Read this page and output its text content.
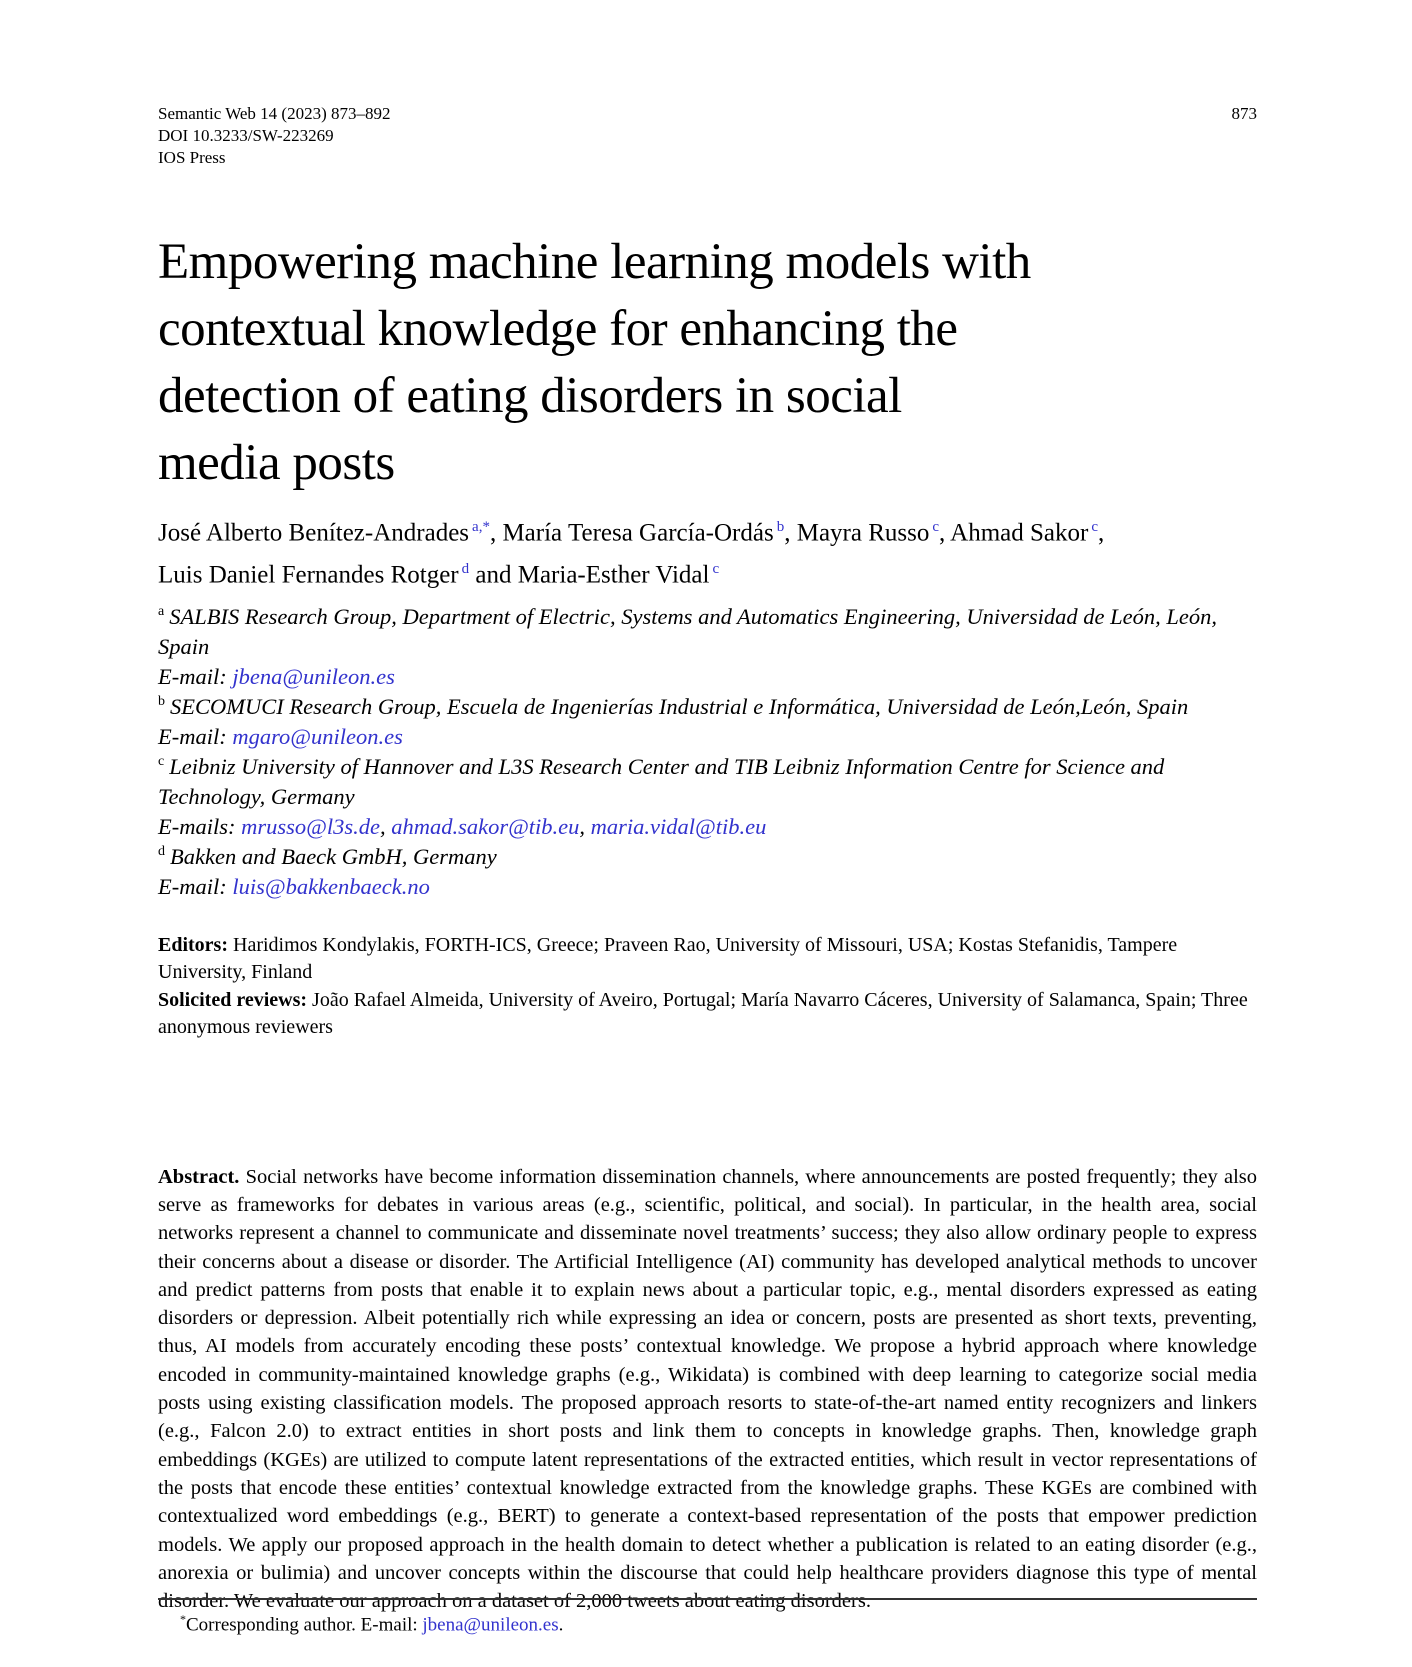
Semantic Web 14 (2023) 873–892
DOI 10.3233/SW-223269
IOS Press
873
Empowering machine learning models with
contextual knowledge for enhancing the
detection of eating disorders in social
media posts
José Alberto Benítez-Andrades $^{a,*}$, María Teresa García-Ordás $^b$, Mayra Russo $^c$, Ahmad Sakor $^c$,
Luis Daniel Fernandes Rotger $^d$ and Maria-Esther Vidal $^c$
$^a$ SALBIS Research Group, Department of Electric, Systems and Automatics Engineering, Universidad de León, León, Spain
E-mail: jbena@unileon.es
$^b$ SECOMUCI Research Group, Escuela de Ingenierías Industrial e Informática, Universidad de León,León, Spain
E-mail: mgaro@unileon.es
$^c$ Leibniz University of Hannover and L3S Research Center and TIB Leibniz Information Centre for Science and Technology, Germany
E-mails: mrusso@l3s.de, ahmad.sakor@tib.eu, maria.vidal@tib.eu
$^d$ Bakken and Baeck GmbH, Germany
E-mail: luis@bakkenbaeck.no
Editors: Haridimos Kondylakis, FORTH-ICS, Greece; Praveen Rao, University of Missouri, USA; Kostas Stefanidis, Tampere University, Finland
Solicited reviews: João Rafael Almeida, University of Aveiro, Portugal; María Navarro Cáceres, University of Salamanca, Spain; Three anonymous reviewers
Abstract. Social networks have become information dissemination channels, where announcements are posted frequently; they also serve as frameworks for debates in various areas (e.g., scientific, political, and social). In particular, in the health area, social networks represent a channel to communicate and disseminate novel treatments’ success; they also allow ordinary people to express their concerns about a disease or disorder. The Artificial Intelligence (AI) community has developed analytical methods to uncover and predict patterns from posts that enable it to explain news about a particular topic, e.g., mental disorders expressed as eating disorders or depression. Albeit potentially rich while expressing an idea or concern, posts are presented as short texts, preventing, thus, AI models from accurately encoding these posts’ contextual knowledge. We propose a hybrid approach where knowledge encoded in community-maintained knowledge graphs (e.g., Wikidata) is combined with deep learning to categorize social media posts using existing classification models. The proposed approach resorts to state-of-the-art named entity recognizers and linkers (e.g., Falcon 2.0) to extract entities in short posts and link them to concepts in knowledge graphs. Then, knowledge graph embeddings (KGEs) are utilized to compute latent representations of the extracted entities, which result in vector representations of the posts that encode these entities’ contextual knowledge extracted from the knowledge graphs. These KGEs are combined with contextualized word embeddings (e.g., BERT) to generate a context-based representation of the posts that empower prediction models. We apply our proposed approach in the health domain to detect whether a publication is related to an eating disorder (e.g., anorexia or bulimia) and uncover concepts within the discourse that could help healthcare providers diagnose this type of mental disorder. We evaluate our approach on a dataset of 2,000 tweets about eating disorders.
*Corresponding author. E-mail: jbena@unileon.es.
